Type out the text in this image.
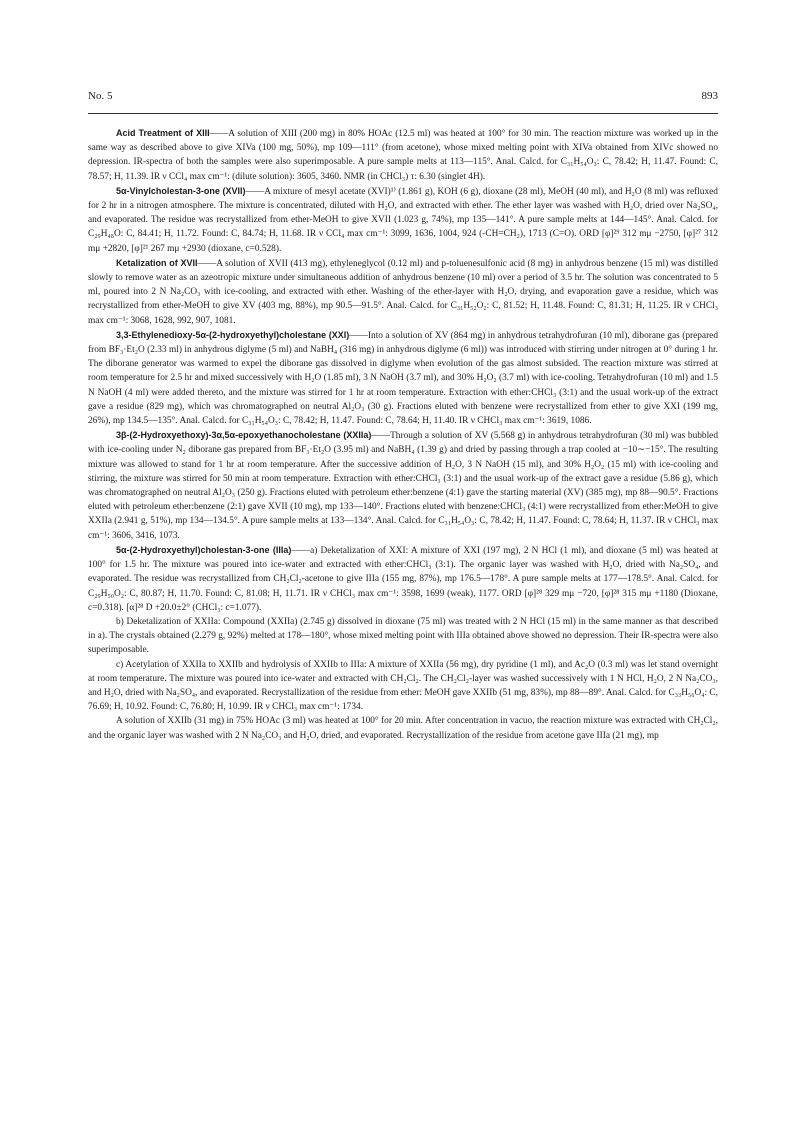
No. 5	893

Acid Treatment of XIII——A solution of XIII (200 mg) in 80% HOAc (12.5 ml) was heated at 100° for 30 min. The reaction mixture was worked up in the same way as described above to give XIVa (100 mg, 50%), mp 109—111° (from acetone), whose mixed melting point with XIVa obtained from XIVc showed no depression. IR-spectra of both the samples were also superimposable. A pure sample melts at 113—115°. Anal. Calcd. for C₃₁H₅₄O₃: C, 78.42; H, 11.47. Found: C, 78.57; H, 11.39. IR ν CCl₄ max cm⁻¹: (dilute solution): 3605, 3460. NMR (in CHCl₃) τ: 6.30 (singlet 4H).

5α-Vinylcholestan-3-one (XVII)——A mixture of mesyl acetate (XVI)¹⁾ (1.861 g), KOH (6 g), dioxane (28 ml), MeOH (40 ml), and H₂O (8 ml) was refluxed for 2 hr in a nitrogen atmosphere. The mixture is concentrated, diluted with H₂O, and extracted with ether. The ether layer was washed with H₂O, dried over Na₂SO₄, and evaporated. The residue was recrystallized from ether-MeOH to give XVII (1.023 g, 74%), mp 135—141°. A pure sample melts at 144—145°. Anal. Calcd. for C₂₉H₄₈O: C, 84.41; H, 11.72. Found: C, 84.74; H, 11.68. IR ν CCl₄ max cm⁻¹: 3099, 1636, 1004, 924 (-CH=CH₂), 1713 (C=O). ORD [φ]²⁹ 312 mμ −2750, [φ]²⁷ 312 mμ +2820, [φ]²¹ 267 mμ +2930 (dioxane, c=0.528).

Ketalization of XVII——A solution of XVII (413 mg), ethyleneglycol (0.12 ml) and p-toluenesulfonic acid (8 mg) in anhydrous benzene (15 ml) was distilled slowly to remove water as an azeotropic mixture under simultaneous addition of anhydrous benzene (10 ml) over a period of 3.5 hr. The solution was concentrated to 5 ml, poured into 2 N Na₂CO₃ with ice-cooling, and extracted with ether. Washing of the ether-layer with H₂O, drying, and evaporation gave a residue, which was recrystallized from ether-MeOH to give XV (403 mg, 88%), mp 90.5—91.5°. Anal. Calcd. for C₃₁H₅₂O₂: C, 81.52; H, 11.48. Found: C, 81.31; H, 11.25. IR ν CHCl₃ max cm⁻¹: 3068, 1628, 992, 907, 1081.

3,3-Ethylenedioxy-5α-(2-hydroxyethyl)cholestane (XXI)——Into a solution of XV (864 mg) in anhydrous tetrahydrofuran (10 ml), diborane gas (prepared from BF₃·Et₂O (2.33 ml) in anhydrous diglyme (5 ml) and NaBH₄ (316 mg) in anhydrous diglyme (6 ml)) was introduced with stirring under nitrogen at 0° during 1 hr. The diborane generator was warmed to expel the diborane gas dissolved in diglyme when evolution of the gas almost subsided. The reaction mixture was stirred at room temperature for 2.5 hr and mixed successively with H₂O (1.85 ml), 3 N NaOH (3.7 ml), and 30% H₂O₂ (3.7 ml) with ice-cooling. Tetrahydrofuran (10 ml) and 1.5 N NaOH (4 ml) were added thereto, and the mixture was stirred for 1 hr at room temperature. Extraction with ether:CHCl₃ (3:1) and the usual work-up of the extract gave a residue (829 mg), which was chromatographed on neutral Al₂O₃ (30 g). Fractions eluted with benzene were recrystallized from ether to give XXI (199 mg, 26%), mp 134.5—135°. Anal. Calcd. for C₃₁H₅₄O₃: C, 78.42; H, 11.47. Found: C, 78.64; H, 11.40. IR ν CHCl₃ max cm⁻¹: 3619, 1086.

3β-(2-Hydroxyethoxy)-3α,5α-epoxyethanocholestane (XXIIa)——Through a solution of XV (5.568 g) in anhydrous tetrahydrofuran (30 ml) was bubbled with ice-cooling under N₂ diborane gas prepared from BF₃·Et₂O (3.95 ml) and NaBH₄ (1.39 g) and dried by passing through a trap cooled at −10∼−15°. The resulting mixture was allowed to stand for 1 hr at room temperature. After the successive addition of H₂O, 3 N NaOH (15 ml), and 30% H₂O₂ (15 ml) with ice-cooling and stirring, the mixture was stirred for 50 min at room temperature. Extraction with ether:CHCl₃ (3:1) and the usual work-up of the extract gave a residue (5.86 g), which was chromatographed on neutral Al₂O₃ (250 g). Fractions eluted with petroleum ether:benzene (4:1) gave the starting material (XV) (385 mg), mp 88—90.5°. Fractions eluted with petroleum ether:benzene (2:1) gave XVII (10 mg), mp 133—140°. Fractions eluted with benzene:CHCl₃ (4:1) were recrystallized from ether:MeOH to give XXIIa (2.941 g, 51%), mp 134—134.5°. A pure sample melts at 133—134°. Anal. Calcd. for C₃₁H₅₄O₃: C, 78.42; H, 11.47. Found: C, 78.64; H, 11.37. IR ν CHCl₃ max cm⁻¹: 3606, 3416, 1073.

5α-(2-Hydroxyethyl)cholestan-3-one (IIIa)——a) Deketalization of XXI: A mixture of XXI (197 mg), 2 N HCl (1 ml), and dioxane (5 ml) was heated at 100° for 1.5 hr. The mixture was poured into ice-water and extracted with ether:CHCl₃ (3:1). The organic layer was washed with H₂O, dried with Na₂SO₄, and evaporated. The residue was recrystallized from CH₂Cl₂-acetone to give IIIa (155 mg, 87%), mp 176.5—178°. A pure sample melts at 177—178.5°. Anal. Calcd. for C₂₉H₅₀O₂: C, 80.87; H, 11.70. Found: C, 81.08; H, 11.71. IR ν CHCl₃ max cm⁻¹: 3598, 1699 (weak), 1177. ORD [φ]²⁸ 329 mμ −720, [φ]²⁸ 315 mμ +1180 (Dioxane, c=0.318). [α]²⁸ D +20.0±2° (CHCl₃: c=1.077).

b) Deketalization of XXIIa: Compound (XXIIa) (2.745 g) dissolved in dioxane (75 ml) was treated with 2 N HCl (15 ml) in the same manner as that described in a). The crystals obtained (2.279 g, 92%) melted at 178—180°, whose mixed melting point with IIIa obtained above showed no depression. Their IR-spectra were also superimposable.

c) Acetylation of XXIIa to XXIIb and hydrolysis of XXIIb to IIIa: A mixture of XXIIa (56 mg), dry pyridine (1 ml), and Ac₂O (0.3 ml) was let stand overnight at room temperature. The mixture was poured into ice-water and extracted with CH₂Cl₂. The CH₂Cl₂-layer was washed successively with 1 N HCl, H₂O, 2 N Na₂CO₃, and H₂O, dried with Na₂SO₄, and evaporated. Recrystallization of the residue from ether: MeOH gave XXIIb (51 mg, 83%), mp 88—89°. Anal. Calcd. for C₃₃H₅₆O₄: C, 76.69; H, 10.92. Found: C, 76.80; H, 10.99. IR ν CHCl₃ max cm⁻¹: 1734.

A solution of XXIIb (31 mg) in 75% HOAc (3 ml) was heated at 100° for 20 min. After concentration in vacuo, the reaction mixture was extracted with CH₂Cl₂, and the organic layer was washed with 2 N Na₂CO₃ and H₂O, dried, and evaporated. Recrystallization of the residue from acetone gave IIIa (21 mg), mp
